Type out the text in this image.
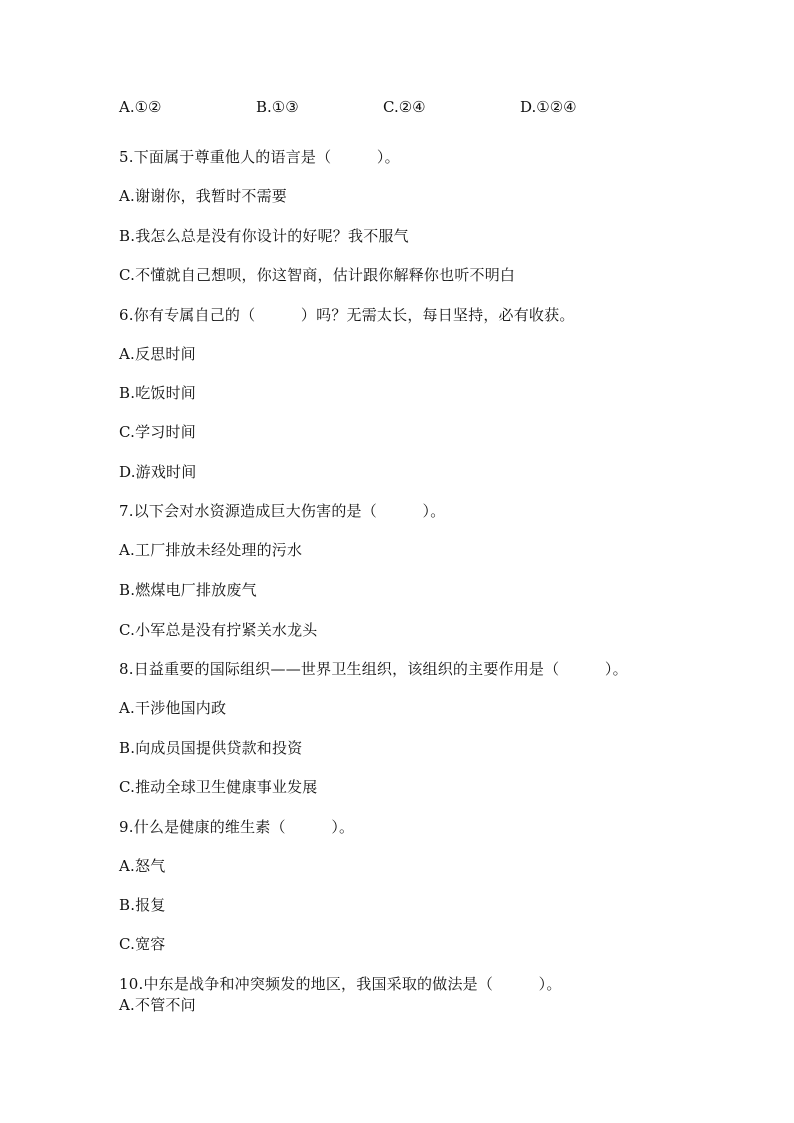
A.①②	B.①③	C.②④	D.①②④
5.下面属于尊重他人的语言是（　　　）。
A.谢谢你，我暂时不需要
B.我怎么总是没有你设计的好呢？我不服气
C.不懂就自己想呗，你这智商，估计跟你解释你也听不明白
6.你有专属自己的（　　　）吗？无需太长，每日坚持，必有收获。
A.反思时间
B.吃饭时间
C.学习时间
D.游戏时间
7.以下会对水资源造成巨大伤害的是（　　　）。
A.工厂排放未经处理的污水
B.燃煤电厂排放废气
C.小军总是没有拧紧关水龙头
8.日益重要的国际组织——世界卫生组织，该组织的主要作用是（　　　）。
A.干涉他国内政
B.向成员国提供贷款和投资
C.推动全球卫生健康事业发展
9.什么是健康的维生素（　　　）。
A.怒气
B.报复
C.宽容
10.中东是战争和冲突频发的地区，我国采取的做法是（　　　）。
A.不管不问
